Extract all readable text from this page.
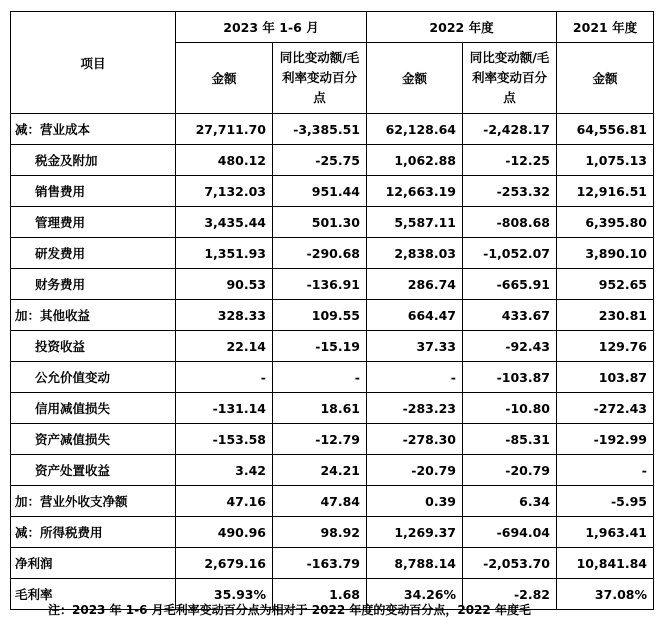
项目	2023 年 1-6 月		2022 年度		2021 年度
	金额	同比变动额/毛利率变动百分点	金额	同比变动额/毛利率变动百分点	金额
减：营业成本	27,711.70	-3,385.51	62,128.64	-2,428.17	64,556.81
税金及附加	480.12	-25.75	1,062.88	-12.25	1,075.13
销售费用	7,132.03	951.44	12,663.19	-253.32	12,916.51
管理费用	3,435.44	501.30	5,587.11	-808.68	6,395.80
研发费用	1,351.93	-290.68	2,838.03	-1,052.07	3,890.10
财务费用	90.53	-136.91	286.74	-665.91	952.65
加：其他收益	328.33	109.55	664.47	433.67	230.81
投资收益	22.14	-15.19	37.33	-92.43	129.76
公允价值变动	-	-	-	-103.87	103.87
信用减值损失	-131.14	18.61	-283.23	-10.80	-272.43
资产减值损失	-153.58	-12.79	-278.30	-85.31	-192.99
资产处置收益	3.42	24.21	-20.79	-20.79	-
加：营业外收支净额	47.16	47.84	0.39	6.34	-5.95
减：所得税费用	490.96	98.92	1,269.37	-694.04	1,963.41
净利润	2,679.16	-163.79	8,788.14	-2,053.70	10,841.84
毛利率	35.93%	1.68	34.26%	-2.82	37.08%
注：2023 年 1-6 月毛利率变动百分点为相对于 2022 年度的变动百分点，2022 年度毛
